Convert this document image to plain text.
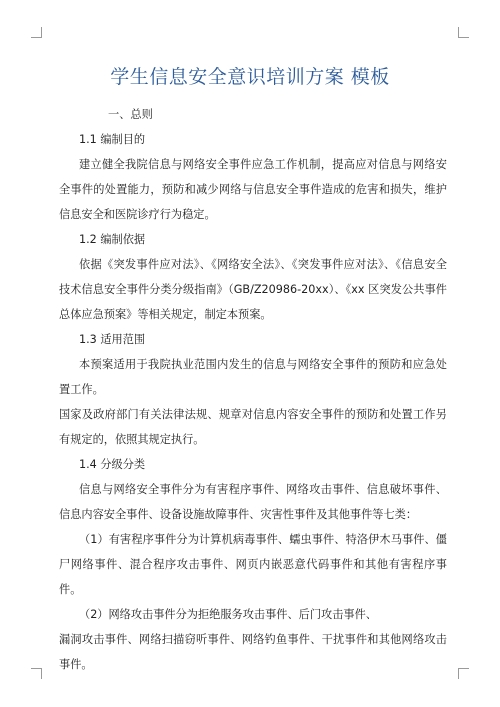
学生信息安全意识培训方案 模板

一、总则

1.1 编制目的

建立健全我院信息与网络安全事件应急工作机制，提高应对信息与网络安全事件的处置能力，预防和减少网络与信息安全事件造成的危害和损失，维护信息安全和医院诊疗行为稳定。

1.2 编制依据

依据《突发事件应对法》、《网络安全法》、《突发事件应对法》、《信息安全技术信息安全事件分类分级指南》（GB/Z20986-20xx）、《xx 区突发公共事件总体应急预案》等相关规定，制定本预案。

1.3 适用范围

本预案适用于我院执业范围内发生的信息与网络安全事件的预防和应急处置工作。

国家及政府部门有关法律法规、规章对信息内容安全事件的预防和处置工作另有规定的，依照其规定执行。

1.4 分级分类

信息与网络安全事件分为有害程序事件、网络攻击事件、信息破坏事件、信息内容安全事件、设备设施故障事件、灾害性事件及其他事件等七类：

（1）有害程序事件分为计算机病毒事件、蠕虫事件、特洛伊木马事件、僵尸网络事件、混合程序攻击事件、网页内嵌恶意代码事件和其他有害程序事件。

（2）网络攻击事件分为拒绝服务攻击事件、后门攻击事件、

漏洞攻击事件、网络扫描窃听事件、网络钓鱼事件、干扰事件和其他网络攻击事件。
